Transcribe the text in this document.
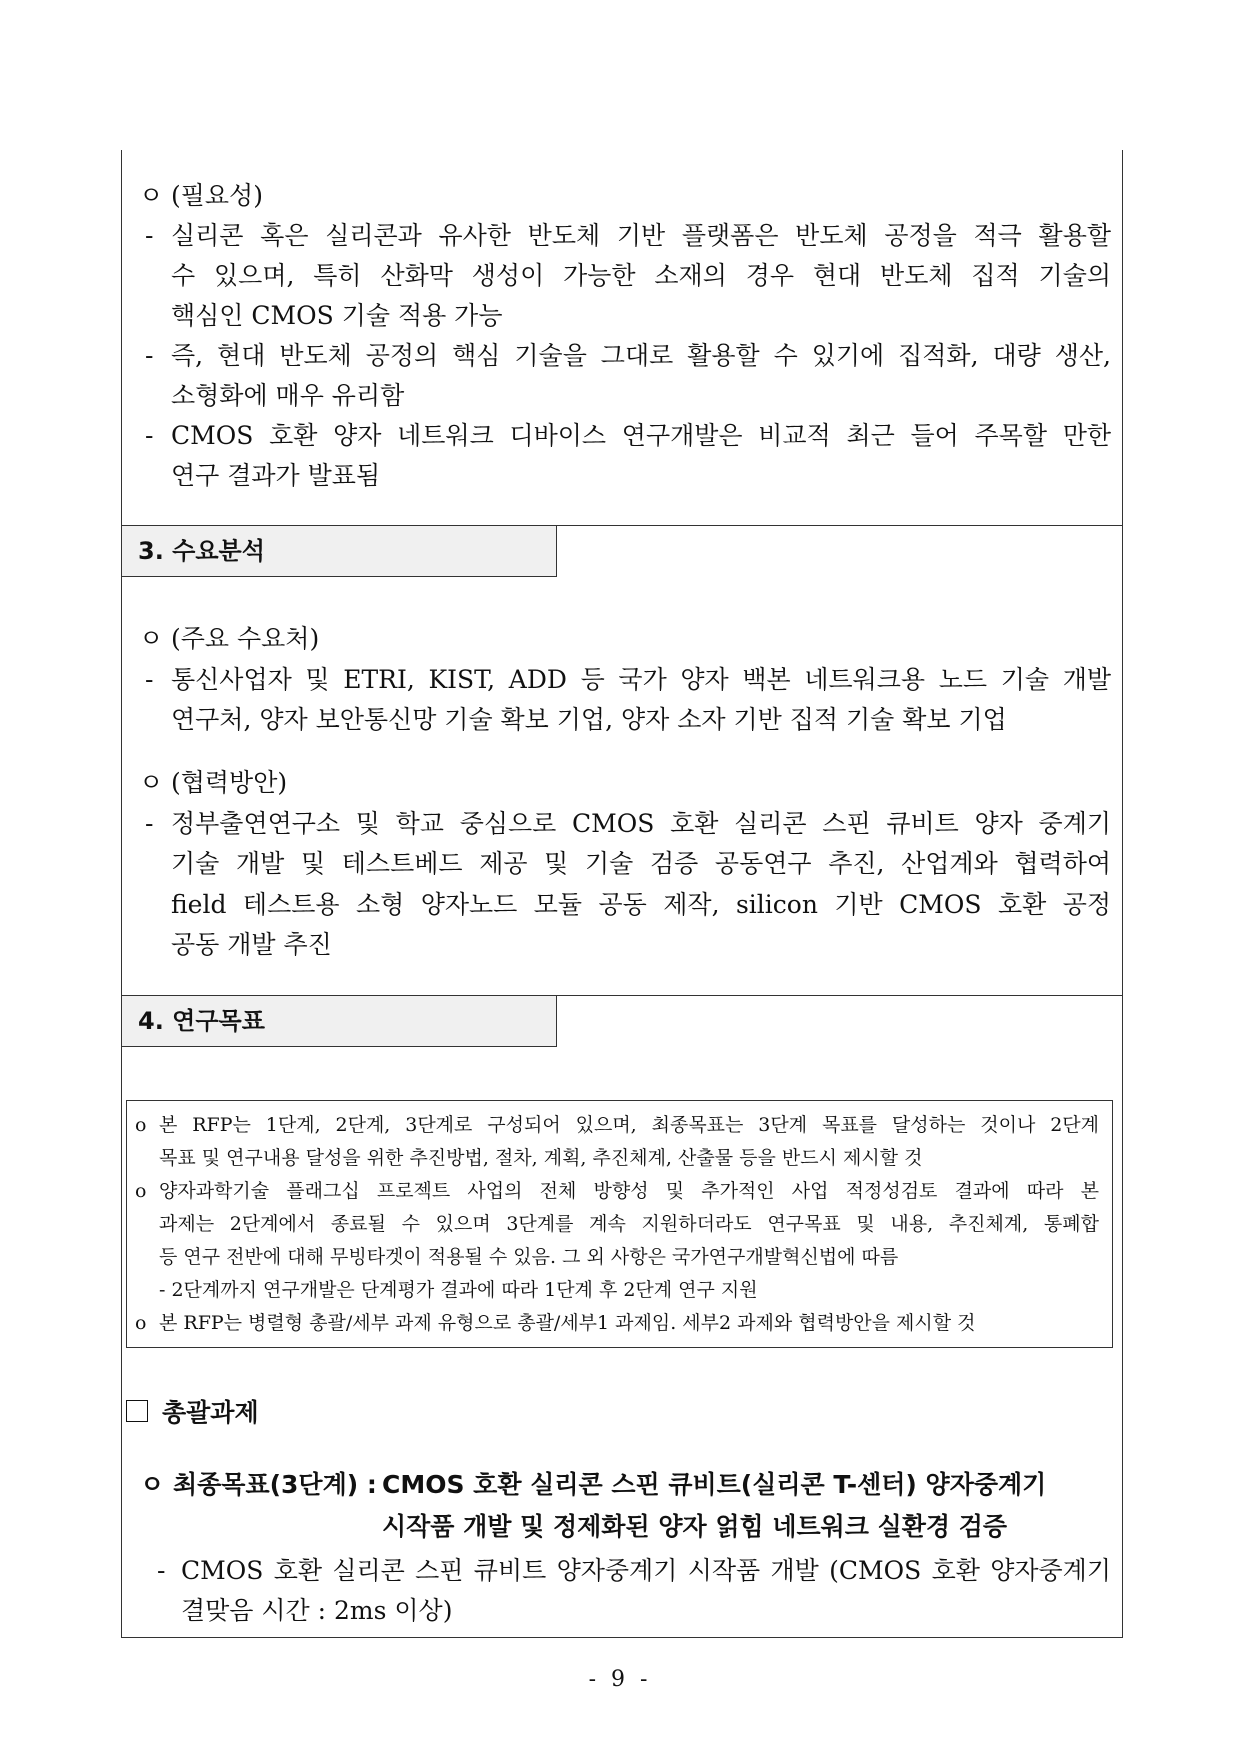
ㅇ (필요성)
- 실리콘 혹은 실리콘과 유사한 반도체 기반 플랫폼은 반도체 공정을 적극 활용할
수 있으며, 특히 산화막 생성이 가능한 소재의 경우 현대 반도체 집적 기술의
핵심인 CMOS 기술 적용 가능
- 즉, 현대 반도체 공정의 핵심 기술을 그대로 활용할 수 있기에 집적화, 대량 생산,
소형화에 매우 유리함
- CMOS 호환 양자 네트워크 디바이스 연구개발은 비교적 최근 들어 주목할 만한
연구 결과가 발표됨
3. 수요분석
ㅇ (주요 수요처)
- 통신사업자 및 ETRI, KIST, ADD 등 국가 양자 백본 네트워크용 노드 기술 개발
연구처, 양자 보안통신망 기술 확보 기업, 양자 소자 기반 집적 기술 확보 기업
ㅇ (협력방안)
- 정부출연연구소 및 학교 중심으로 CMOS 호환 실리콘 스핀 큐비트 양자 중계기
기술 개발 및 테스트베드 제공 및 기술 검증 공동연구 추진, 산업계와 협력하여
field 테스트용 소형 양자노드 모듈 공동 제작, silicon 기반 CMOS 호환 공정
공동 개발 추진
4. 연구목표
o 본 RFP는 1단계, 2단계, 3단계로 구성되어 있으며, 최종목표는 3단계 목표를 달성하는 것이나 2단계
목표 및 연구내용 달성을 위한 추진방법, 절차, 계획, 추진체계, 산출물 등을 반드시 제시할 것
o 양자과학기술 플래그십 프로젝트 사업의 전체 방향성 및 추가적인 사업 적정성검토 결과에 따라 본
과제는 2단계에서 종료될 수 있으며 3단계를 계속 지원하더라도 연구목표 및 내용, 추진체계, 통폐합
등 연구 전반에 대해 무빙타겟이 적용될 수 있음. 그 외 사항은 국가연구개발혁신법에 따름
- 2단계까지 연구개발은 단계평가 결과에 따라 1단계 후 2단계 연구 지원
o 본 RFP는 병렬형 총괄/세부 과제 유형으로 총괄/세부1 과제임. 세부2 과제와 협력방안을 제시할 것
총괄과제
ㅇ 최종목표(3단계) : CMOS 호환 실리콘 스핀 큐비트(실리콘 T-센터) 양자중계기
시작품 개발 및 정제화된 양자 얽힘 네트워크 실환경 검증
- CMOS 호환 실리콘 스핀 큐비트 양자중계기 시작품 개발 (CMOS 호환 양자중계기
결맞음 시간 : 2ms 이상)
- 9 -
